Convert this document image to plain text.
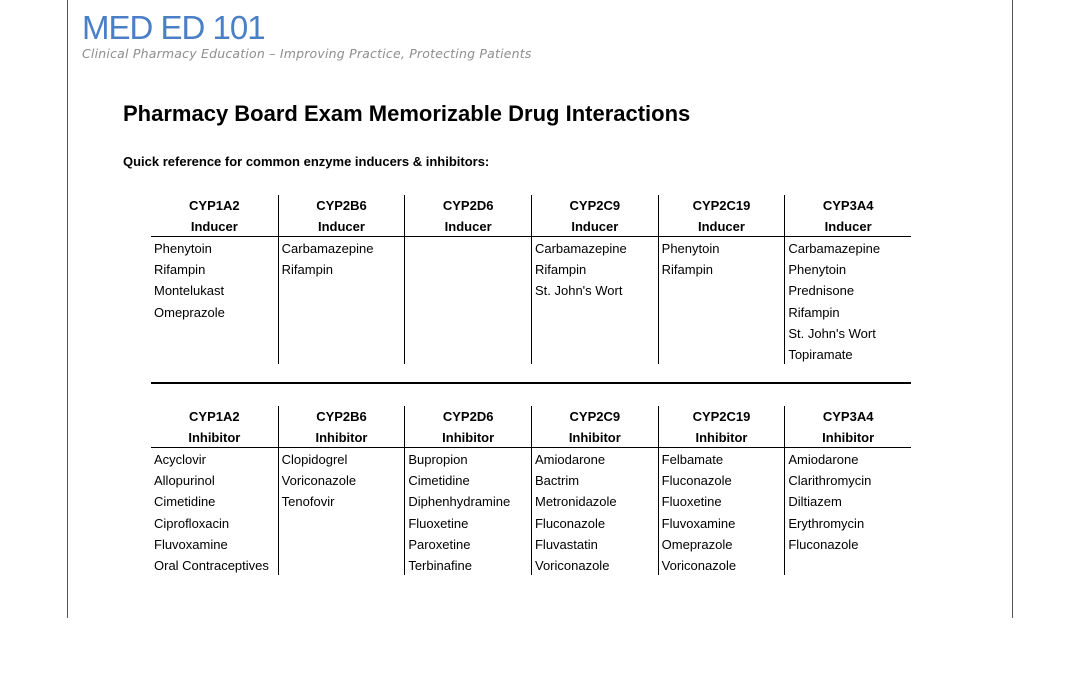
MED ED 101
Clinical Pharmacy Education – Improving Practice, Protecting Patients
Pharmacy Board Exam Memorizable Drug Interactions
Quick reference for common enzyme inducers & inhibitors:
CYP1A2
Inducer
Phenytoin
Rifampin
Montelukast
Omeprazole
CYP2B6
Inducer
Carbamazepine
Rifampin
CYP2D6
Inducer
CYP2C9
Inducer
Carbamazepine
Rifampin
St. John's Wort
CYP2C19
Inducer
Phenytoin
Rifampin
CYP3A4
Inducer
Carbamazepine
Phenytoin
Prednisone
Rifampin
St. John's Wort
Topiramate
CYP1A2
Inhibitor
Acyclovir
Allopurinol
Cimetidine
Ciprofloxacin
Fluvoxamine
Oral Contraceptives
CYP2B6
Inhibitor
Clopidogrel
Voriconazole
Tenofovir
CYP2D6
Inhibitor
Bupropion
Cimetidine
Diphenhydramine
Fluoxetine
Paroxetine
Terbinafine
CYP2C9
Inhibitor
Amiodarone
Bactrim
Metronidazole
Fluconazole
Fluvastatin
Voriconazole
CYP2C19
Inhibitor
Felbamate
Fluconazole
Fluoxetine
Fluvoxamine
Omeprazole
Voriconazole
CYP3A4
Inhibitor
Amiodarone
Clarithromycin
Diltiazem
Erythromycin
Fluconazole
